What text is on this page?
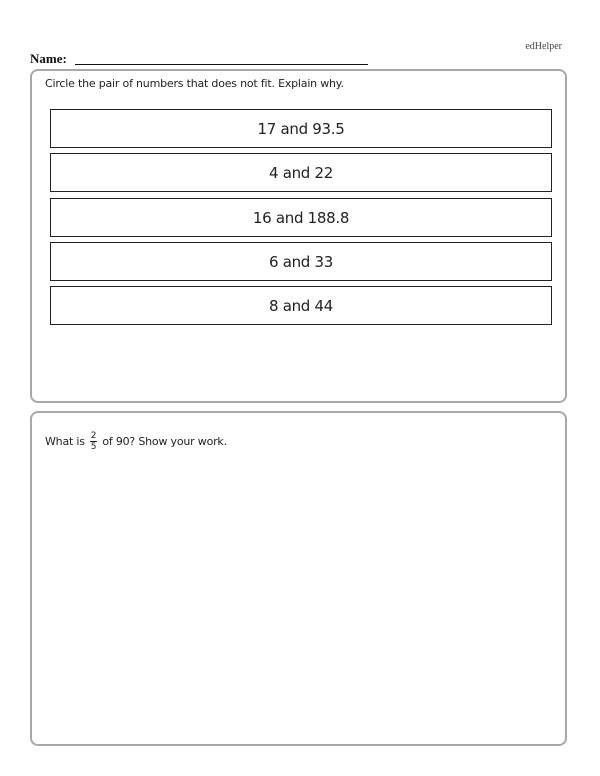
edHelper
Name:
Circle the pair of numbers that does not fit. Explain why.
17 and 93.5
4 and 22
16 and 188.8
6 and 33
8 and 44
What is $\frac{2}{5}$ of 90? Show your work.
